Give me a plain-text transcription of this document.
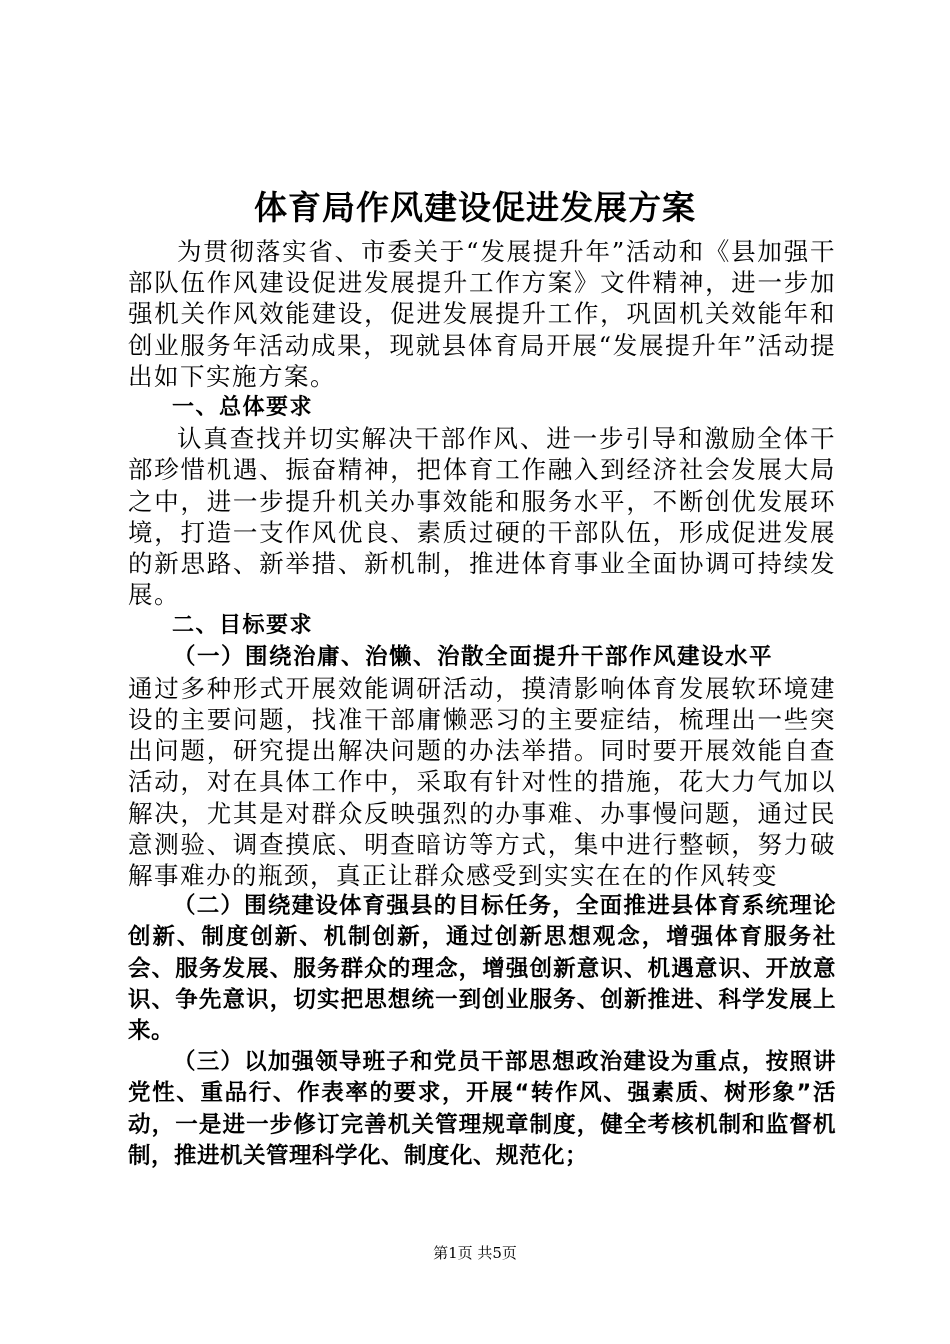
体育局作风建设促进发展方案

为贯彻落实省、市委关于“发展提升年”活动和《县加强干部队伍作风建设促进发展提升工作方案》文件精神，进一步加强机关作风效能建设，促进发展提升工作，巩固机关效能年和创业服务年活动成果，现就县体育局开展“发展提升年”活动提出如下实施方案。

一、总体要求

认真查找并切实解决干部作风、进一步引导和激励全体干部珍惜机遇、振奋精神，把体育工作融入到经济社会发展大局之中，进一步提升机关办事效能和服务水平，不断创优发展环境，打造一支作风优良、素质过硬的干部队伍，形成促进发展的新思路、新举措、新机制，推进体育事业全面协调可持续发展。

二、目标要求

（一）围绕治庸、治懒、治散全面提升干部作风建设水平

通过多种形式开展效能调研活动，摸清影响体育发展软环境建设的主要问题，找准干部庸懒恶习的主要症结，梳理出一些突出问题，研究提出解决问题的办法举措。同时要开展效能自查活动，对在具体工作中，采取有针对性的措施，花大力气加以解决，尤其是对群众反映强烈的办事难、办事慢问题，通过民意测验、调查摸底、明查暗访等方式，集中进行整顿，努力破解事难办的瓶颈，真正让群众感受到实实在在的作风转变

（二）围绕建设体育强县的目标任务，全面推进县体育系统理论创新、制度创新、机制创新，通过创新思想观念，增强体育服务社会、服务发展、服务群众的理念，增强创新意识、机遇意识、开放意识、争先意识，切实把思想统一到创业服务、创新推进、科学发展上来。

（三）以加强领导班子和党员干部思想政治建设为重点，按照讲党性、重品行、作表率的要求，开展“转作风、强素质、树形象”活动，一是进一步修订完善机关管理规章制度，健全考核机制和监督机制，推进机关管理科学化、制度化、规范化；

第1页 共5页
